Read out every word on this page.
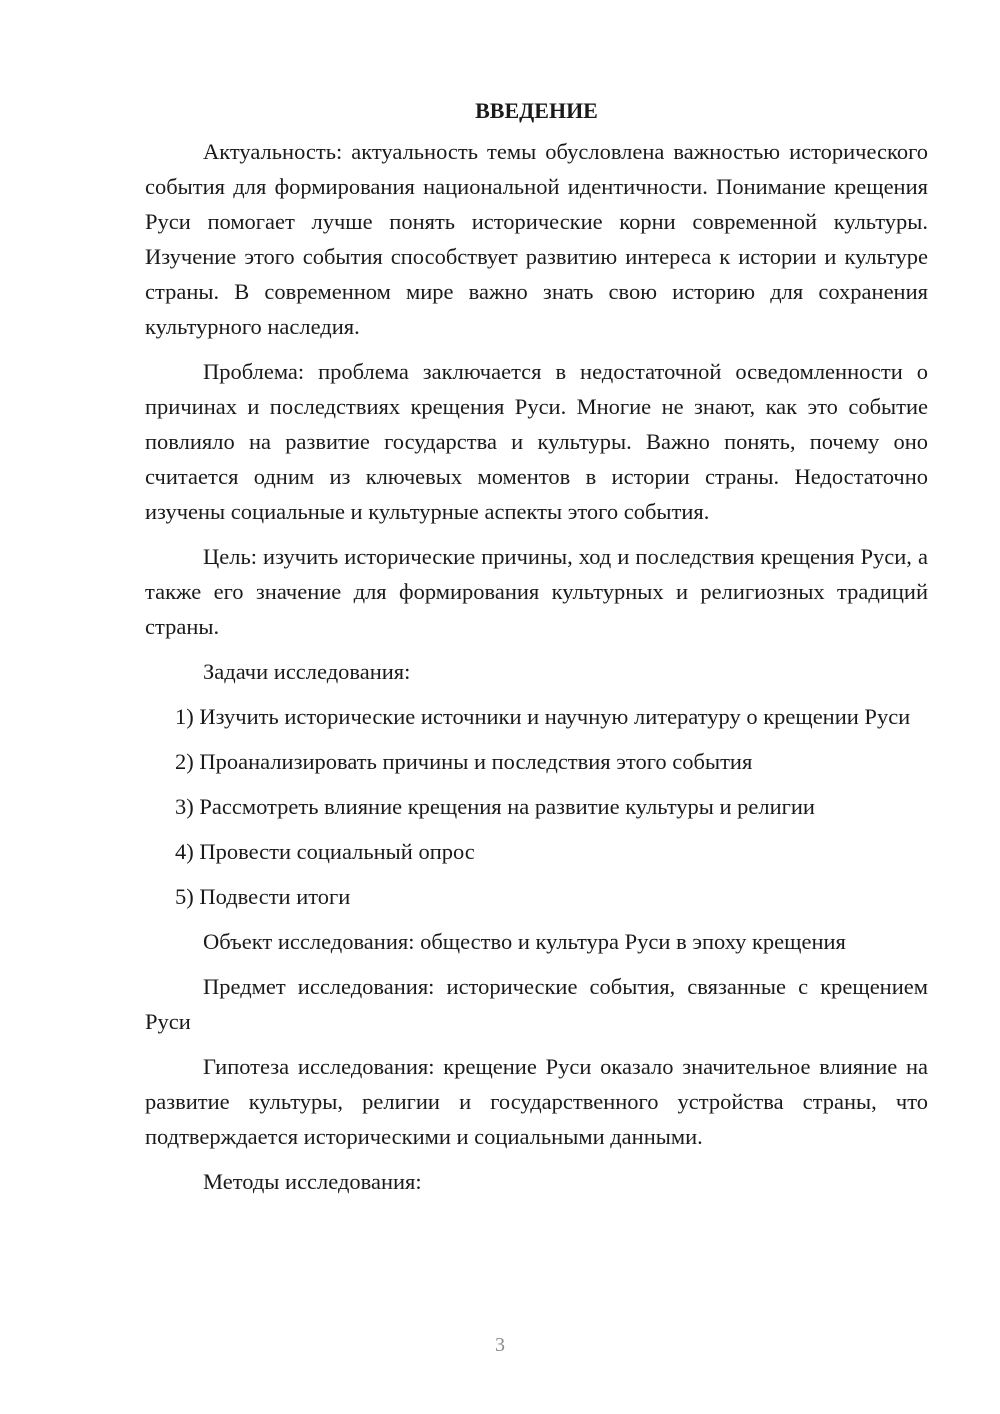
ВВЕДЕНИЕ

Актуальность: актуальность темы обусловлена важностью исторического события для формирования национальной идентичности. Понимание крещения Руси помогает лучше понять исторические корни современной культуры. Изучение этого события способствует развитию интереса к истории и культуре страны. В современном мире важно знать свою историю для сохранения культурного наследия.

Проблема: проблема заключается в недостаточной осведомленности о причинах и последствиях крещения Руси. Многие не знают, как это событие повлияло на развитие государства и культуры. Важно понять, почему оно считается одним из ключевых моментов в истории страны. Недостаточно изучены социальные и культурные аспекты этого события.

Цель: изучить исторические причины, ход и последствия крещения Руси, а также его значение для формирования культурных и религиозных традиций страны.

Задачи исследования:

1) Изучить исторические источники и научную литературу о крещении Руси

2) Проанализировать причины и последствия этого события

3) Рассмотреть влияние крещения на развитие культуры и религии

4) Провести социальный опрос

5) Подвести итоги

Объект исследования: общество и культура Руси в эпоху крещения

Предмет исследования: исторические события, связанные с крещением Руси

Гипотеза исследования: крещение Руси оказало значительное влияние на развитие культуры, религии и государственного устройства страны, что подтверждается историческими и социальными данными.

Методы исследования:

3
